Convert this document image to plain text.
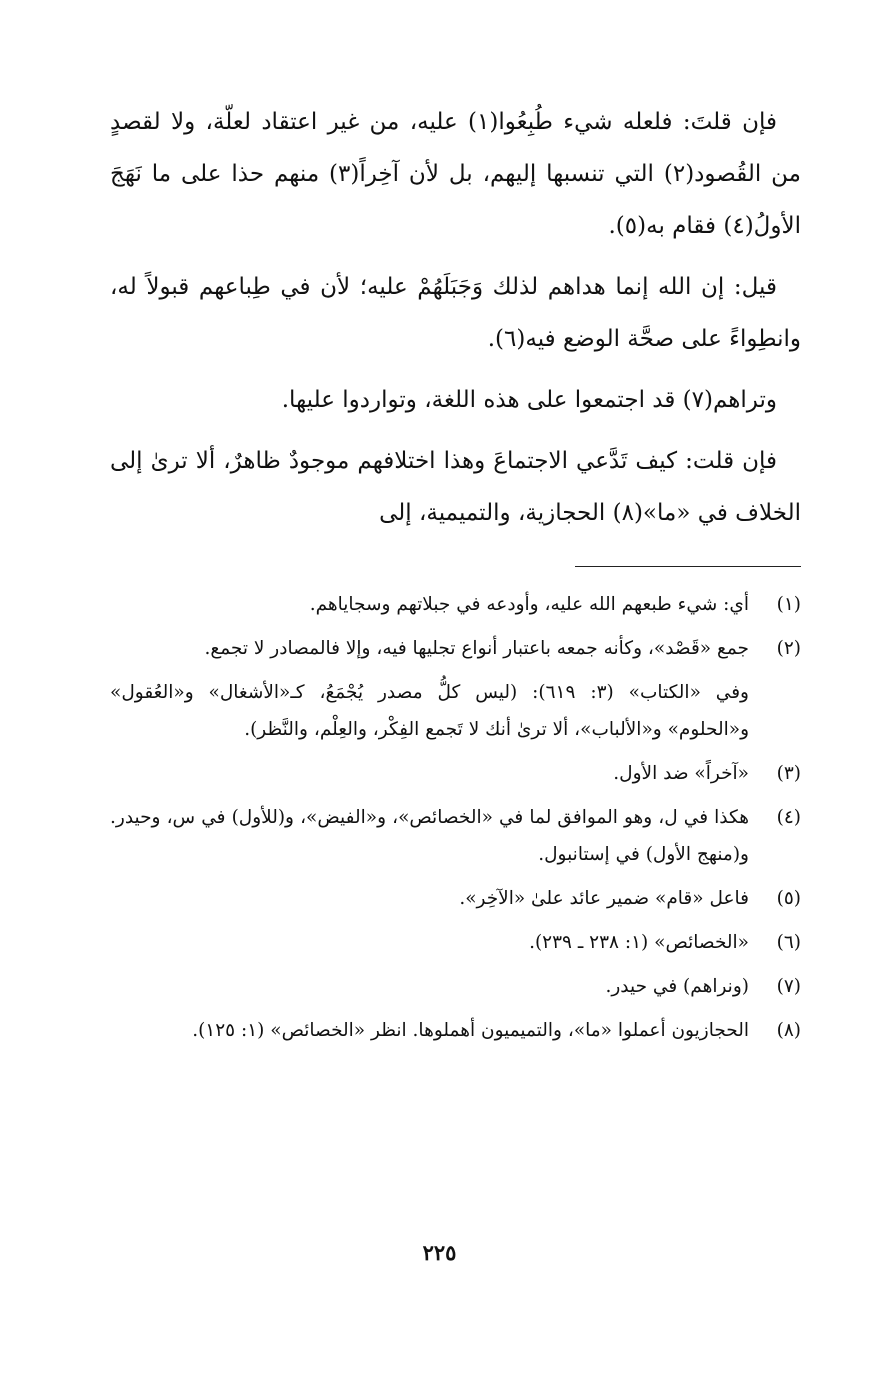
فإن قلتَ: فلعله شيء طُبِعُوا(١) عليه، من غير اعتقاد لعلّة، ولا لقصدٍ من القُصود(٢) التي تنسبها إليهم، بل لأن آخِراً(٣) منهم حذا على ما نَهَجَ الأولُ(٤) فقام به(٥).

قيل: إن الله إنما هداهم لذلك وَجَبَلَهُمْ عليه؛ لأن في طِباعهم قبولاً له، وانطِواءً على صحَّة الوضع فيه(٦).

وتراهم(٧) قد اجتمعوا على هذه اللغة، وتواردوا عليها.

فإن قلت: كيف تَدَّعي الاجتماعَ وهذا اختلافهم موجودٌ ظاهرٌ، ألا ترىٰ إلى الخلاف في «ما»(٨) الحجازية، والتميمية، إلى

(١)
أي: شيء طبعهم الله عليه، وأودعه في جبلاتهم وسجاياهم.
(٢)
جمع «قَصْد»، وكأنه جمعه باعتبار أنواع تجليها فيه، وإلا فالمصادر لا تجمع.
وفي «الكتاب» (٣: ٦١٩): (ليس كلُّ مصدر يُجْمَعُ، كـ«الأشغال» و«العُقول» و«الحلوم» و«الألباب»، ألا ترىٰ أنك لا تَجمع الفِكْر، والعِلْم، والنَّظر).
(٣)
«آخراً» ضد الأول.
(٤)
هكذا في ل، وهو الموافق لما في «الخصائص»، و«الفيض»، و(للأول) في س، وحيدر. و(منهج الأول) في إستانبول.
(٥)
فاعل «قام» ضمير عائد علىٰ «الآخِر».
(٦)
«الخصائص» (١: ٢٣٨ ـ ٢٣٩).
(٧)
(ونراهم) في حيدر.
(٨)
الحجازيون أعملوا «ما»، والتميميون أهملوها. انظر «الخصائص» (١: ١٢٥).
٢٢٥
